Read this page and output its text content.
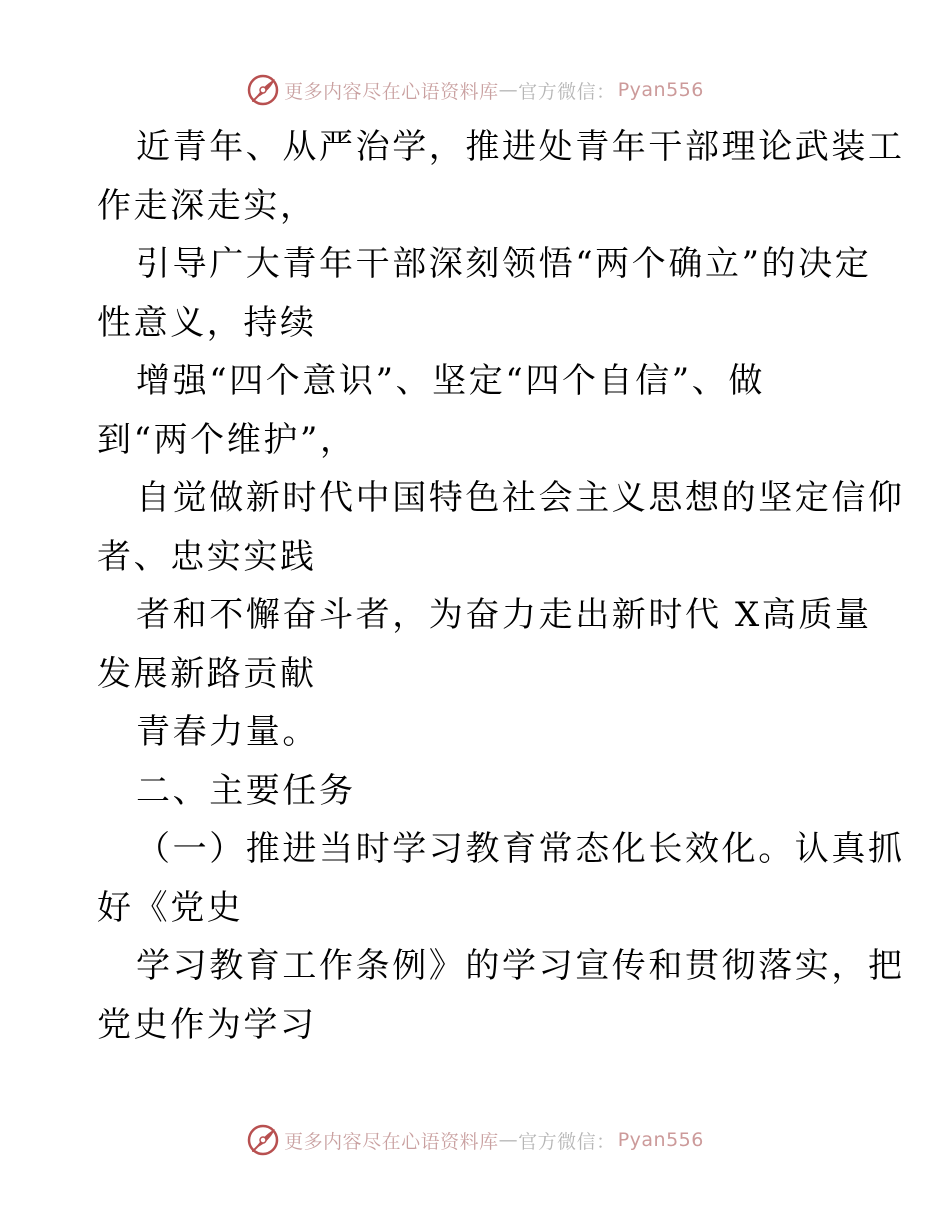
更多内容尽在心语资料库 — 官方微信： Pyan556
近青年、从严治学，推进处青年干部理论武装工
作走深走实，
引导广大青年干部深刻领悟“两个确立”的决定
性意义，持续
增强“四个意识”、坚定“四个自信”、做
到“两个维护”，
自觉做新时代中国特色社会主义思想的坚定信仰
者、忠实实践
者和不懈奋斗者，为奋力走出新时代 X高质量
发展新路贡献
青春力量。
二、主要任务
（一）推进当时学习教育常态化长效化。认真抓
好《党史
学习教育工作条例》的学习宣传和贯彻落实，把
党史作为学习
更多内容尽在心语资料库 — 官方微信： Pyan556
